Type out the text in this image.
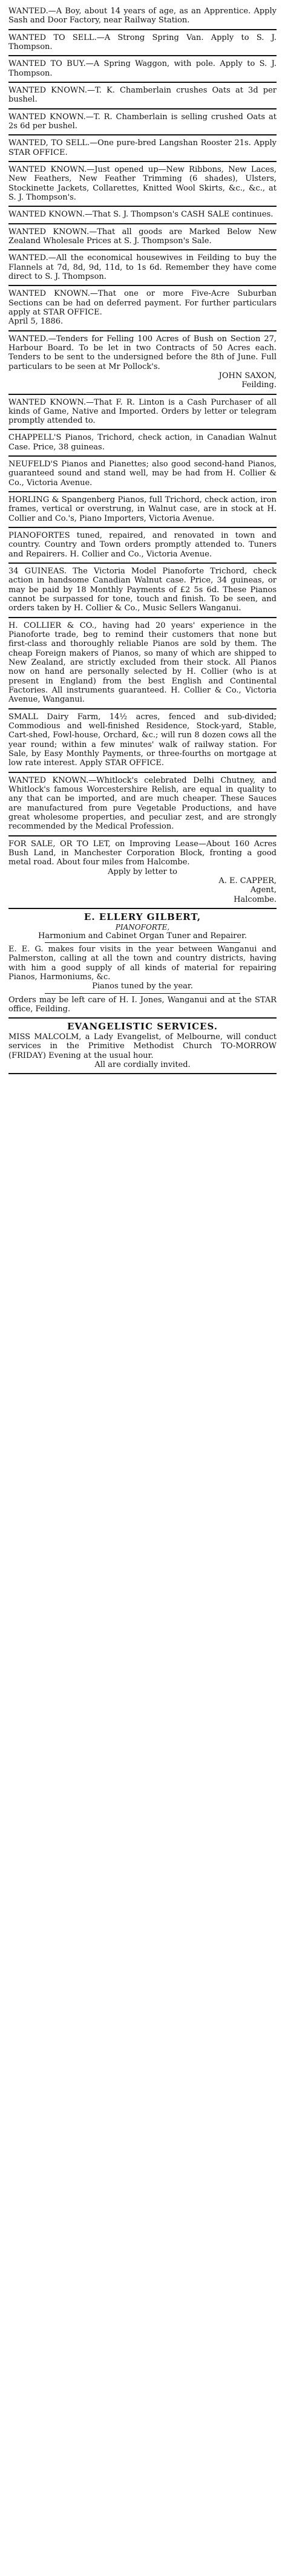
WANTED.—A Boy, about 14 years of age, as an Apprentice. Apply Sash and Door Factory, near Railway Station.

WANTED TO SELL.—A Strong Spring Van. Apply to S. J. Thompson.

WANTED TO BUY.—A Spring Waggon, with pole. Apply to S. J. Thompson.

WANTED KNOWN.—T. K. Chamberlain crushes Oats at 3d per bushel.

WANTED KNOWN.—T. R. Chamberlain is selling crushed Oats at 2s 6d per bushel.

WANTED, TO SELL.—One pure-bred Langshan Rooster 21s. Apply STAR OFFICE.

WANTED KNOWN.—Just opened up—New Ribbons, New Laces, New Feathers, New Feather Trimming (6 shades), Ulsters, Stockinette Jackets, Collarettes, Knitted Wool Skirts, &c., &c., at S. J. Thompson's.

WANTED KNOWN.—That S. J. Thompson's CASH SALE continues.

WANTED KNOWN.—That all goods are Marked Below New Zealand Wholesale Prices at S. J. Thompson's Sale.

WANTED.—All the economical housewives in Feilding to buy the Flannels at 7d, 8d, 9d, 11d, to 1s 6d. Remember they have come direct to S. J. Thompson.

WANTED KNOWN.—That one or more Five-Acre Suburban Sections can be had on deferred payment. For further particulars apply at STAR OFFICE.

April 5, 1886.

WANTED.—Tenders for Felling 100 Acres of Bush on Section 27, Harbour Board. To be let in two Contracts of 50 Acres each. Tenders to be sent to the undersigned before the 8th of June. Full particulars to be seen at Mr Pollock's.

JOHN SAXON,

Feilding.

WANTED KNOWN.—That F. R. Linton is a Cash Purchaser of all kinds of Game, Native and Imported. Orders by letter or telegram promptly attended to.

CHAPPELL'S Pianos, Trichord, check action, in Canadian Walnut Case. Price, 38 guineas.

NEUFELD'S Pianos and Pianettes; also good second-hand Pianos, guaranteed sound and stand well, may be had from H. Collier & Co., Victoria Avenue.

HORLING & Spangenberg Pianos, full Trichord, check action, iron frames, vertical or overstrung, in Walnut case, are in stock at H. Collier and Co.'s, Piano Importers, Victoria Avenue.

PIANOFORTES tuned, repaired, and renovated in town and country. Country and Town orders promptly attended to. Tuners and Repairers. H. Collier and Co., Victoria Avenue.

34 GUINEAS. The Victoria Model Pianoforte Trichord, check action in handsome Canadian Walnut case. Price, 34 guineas, or may be paid by 18 Monthly Payments of £2 5s 6d. These Pianos cannot be surpassed for tone, touch and finish. To be seen, and orders taken by H. Collier & Co., Music Sellers Wanganui.

H. COLLIER & CO., having had 20 years' experience in the Pianoforte trade, beg to remind their customers that none but first-class and thoroughly reliable Pianos are sold by them. The cheap Foreign makers of Pianos, so many of which are shipped to New Zealand, are strictly excluded from their stock. All Pianos now on hand are personally selected by H. Collier (who is at present in England) from the best English and Continental Factories. All instruments guaranteed. H. Collier & Co., Victoria Avenue, Wanganui.

SMALL Dairy Farm, 14½ acres, fenced and sub-divided; Commodious and well-finished Residence, Stock-yard, Stable, Cart-shed, Fowl-house, Orchard, &c.; will run 8 dozen cows all the year round; within a few minutes' walk of railway station. For Sale, by Easy Monthly Payments, or three-fourths on mortgage at low rate interest. Apply STAR OFFICE.

WANTED KNOWN.—Whitlock's celebrated Delhi Chutney, and Whitlock's famous Worcestershire Relish, are equal in quality to any that can be imported, and are much cheaper. These Sauces are manufactured from pure Vegetable Productions, and have great wholesome properties, and peculiar zest, and are strongly recommended by the Medical Profession.

FOR SALE, OR TO LET, on Improving Lease—About 160 Acres Bush Land, in Manchester Corporation Block, fronting a good metal road. About four miles from Halcombe.

Apply by letter to

A. E. CAPPER,

Agent,

Halcombe.

E. ELLERY GILBERT,

PIANOFORTE,

Harmonium and Cabinet Organ Tuner and Repairer.

E. E. G. makes four visits in the year between Wanganui and Palmerston, calling at all the town and country districts, having with him a good supply of all kinds of material for repairing Pianos, Harmoniums, &c.

Pianos tuned by the year.

Orders may be left care of H. I. Jones, Wanganui and at the STAR office, Feilding.

EVANGELISTIC SERVICES.

MISS MALCOLM, a Lady Evangelist, of Melbourne, will conduct services in the Primitive Methodist Church TO-MORROW (FRIDAY) Evening at the usual hour.

All are cordially invited.
